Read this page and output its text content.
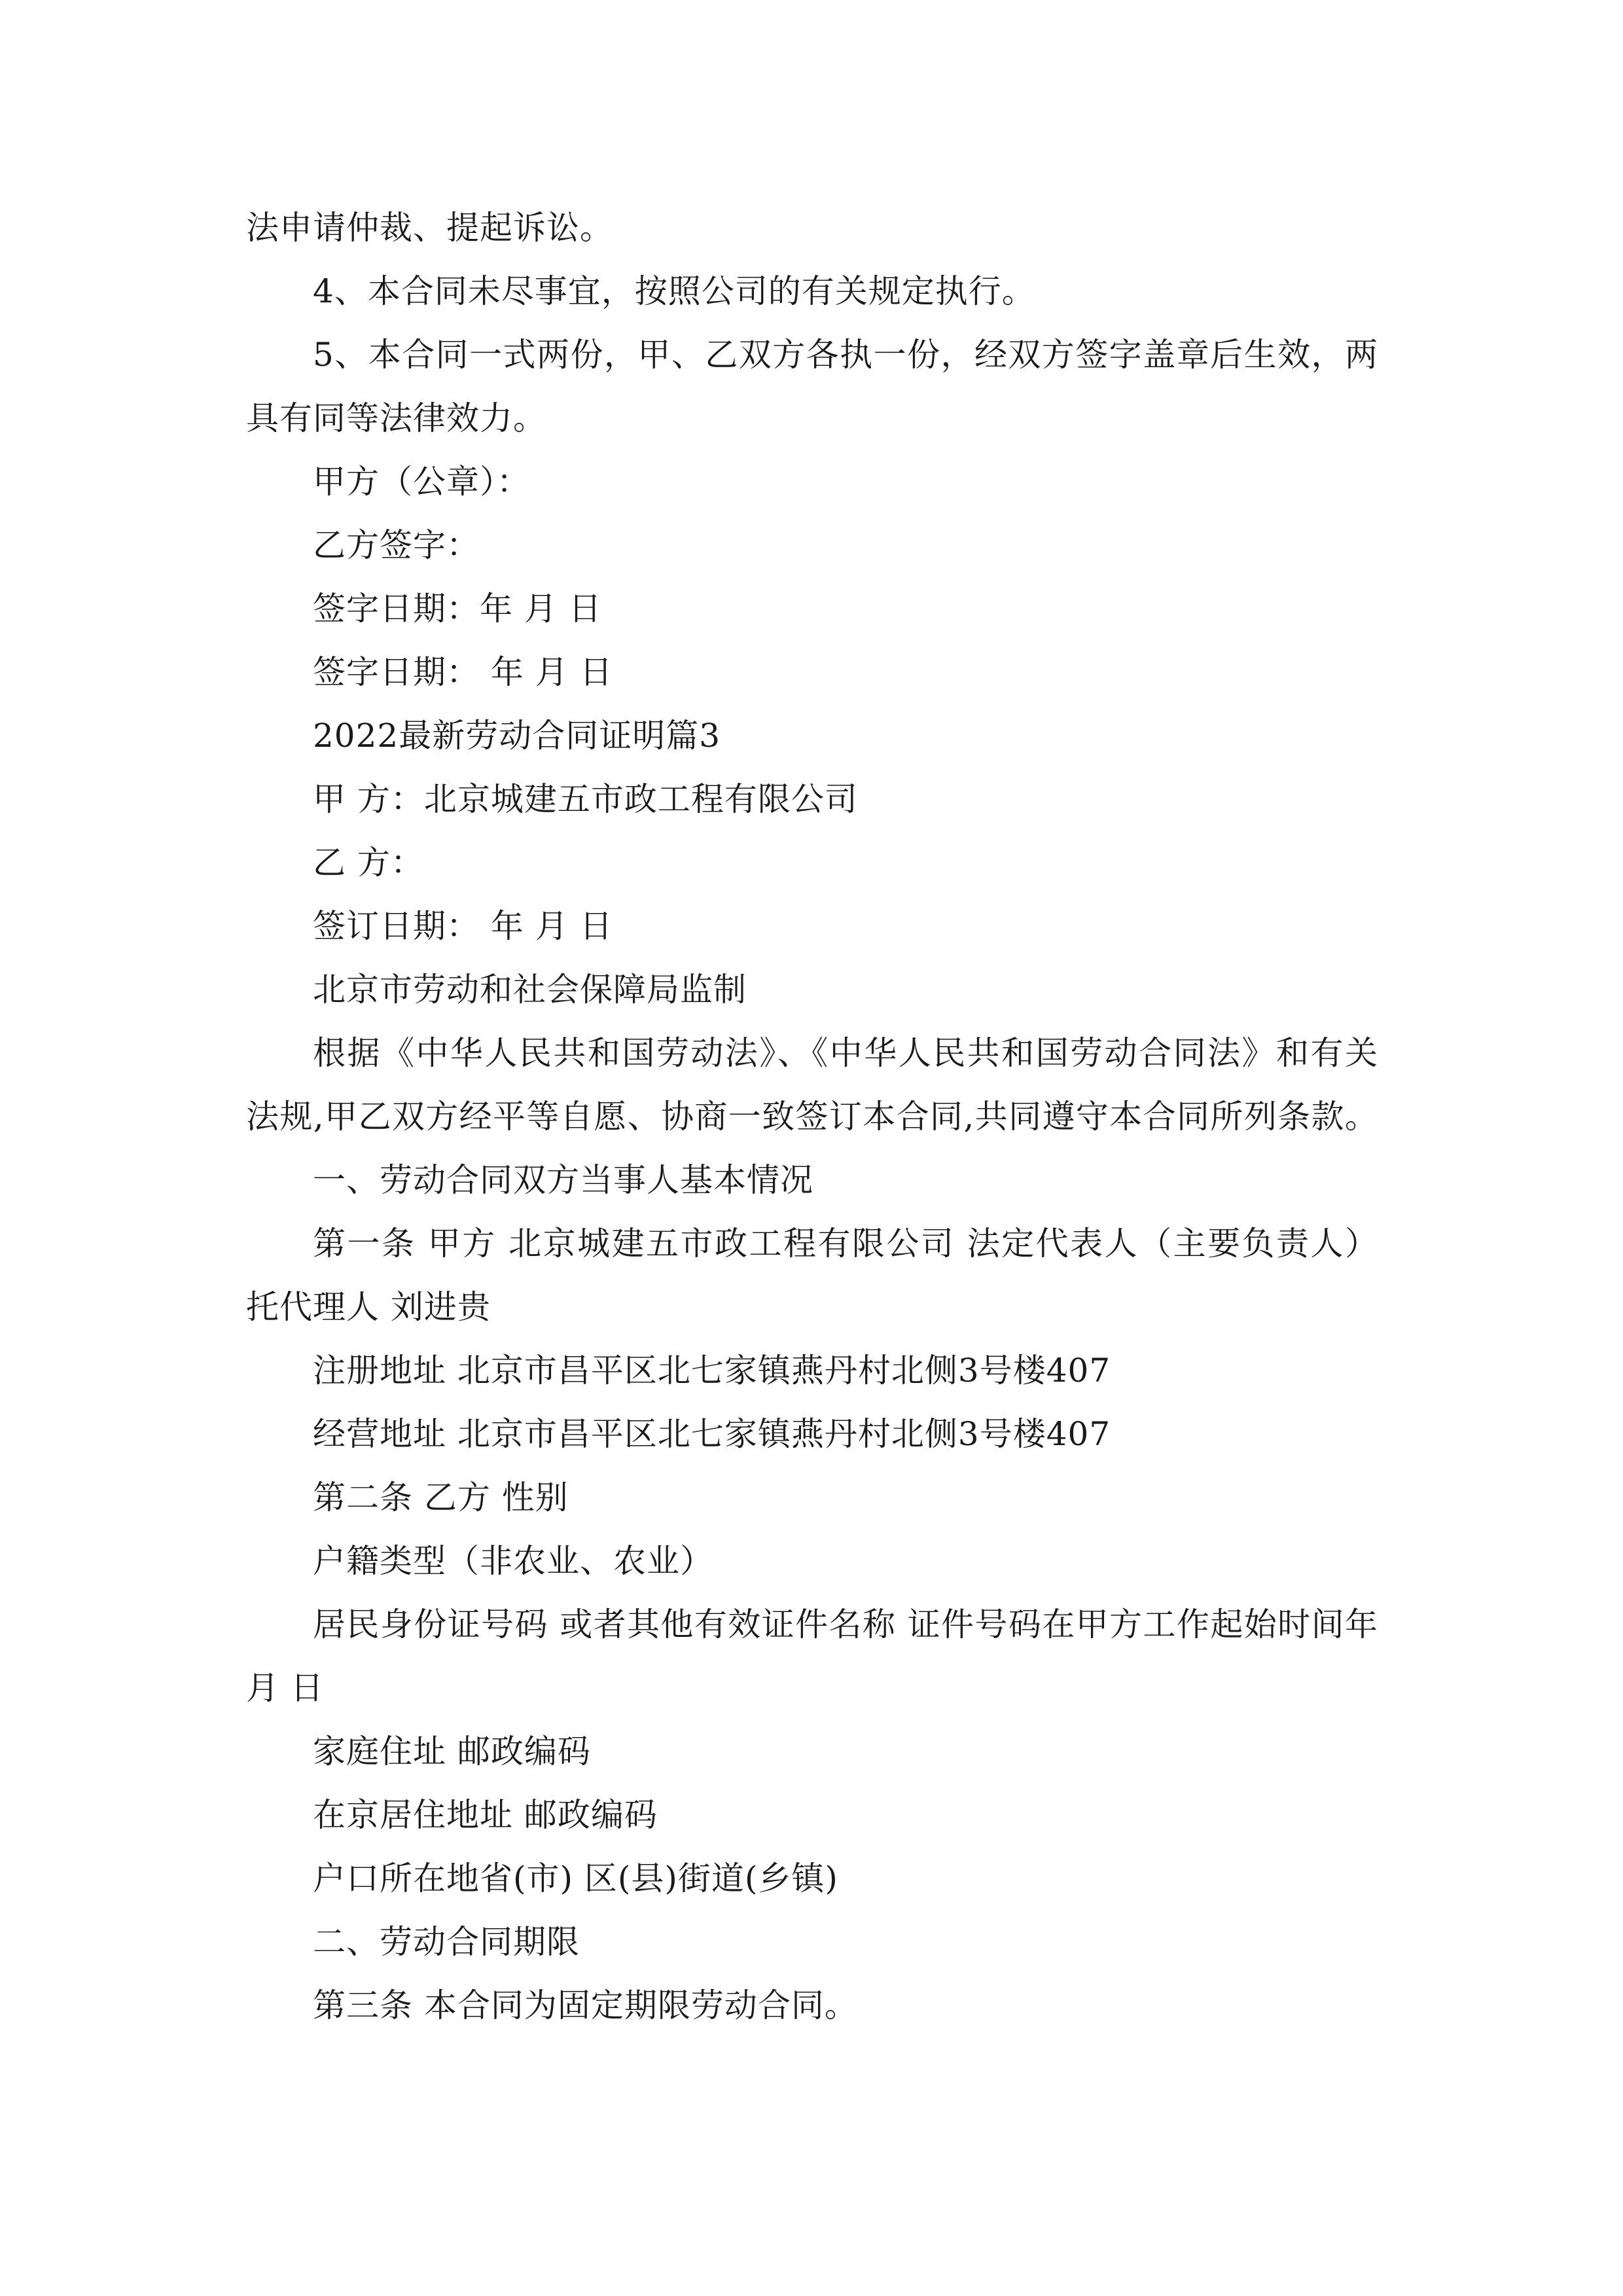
法申请仲裁、提起诉讼。
4、本合同未尽事宜，按照公司的有关规定执行。
5、本合同一式两份，甲、乙双方各执一份，经双方签字盖章后生效，两
具有同等法律效力。
甲方（公章）：
乙方签字：
签字日期：年 月 日
签字日期： 年 月 日
2022最新劳动合同证明篇3
甲 方：北京城建五市政工程有限公司
乙 方：
签订日期： 年 月 日
北京市劳动和社会保障局监制
根据《中华人民共和国劳动法》、《中华人民共和国劳动合同法》和有关
法规,甲乙双方经平等自愿、协商一致签订本合同,共同遵守本合同所列条款。
一、劳动合同双方当事人基本情况
第一条 甲方 北京城建五市政工程有限公司 法定代表人（主要负责人）
托代理人 刘进贵
注册地址 北京市昌平区北七家镇燕丹村北侧3号楼407
经营地址 北京市昌平区北七家镇燕丹村北侧3号楼407
第二条 乙方 性别
户籍类型（非农业、农业）
居民身份证号码 或者其他有效证件名称 证件号码在甲方工作起始时间年
月 日
家庭住址 邮政编码
在京居住地址 邮政编码
户口所在地省(市) 区(县)街道(乡镇)
二、劳动合同期限
第三条 本合同为固定期限劳动合同。
